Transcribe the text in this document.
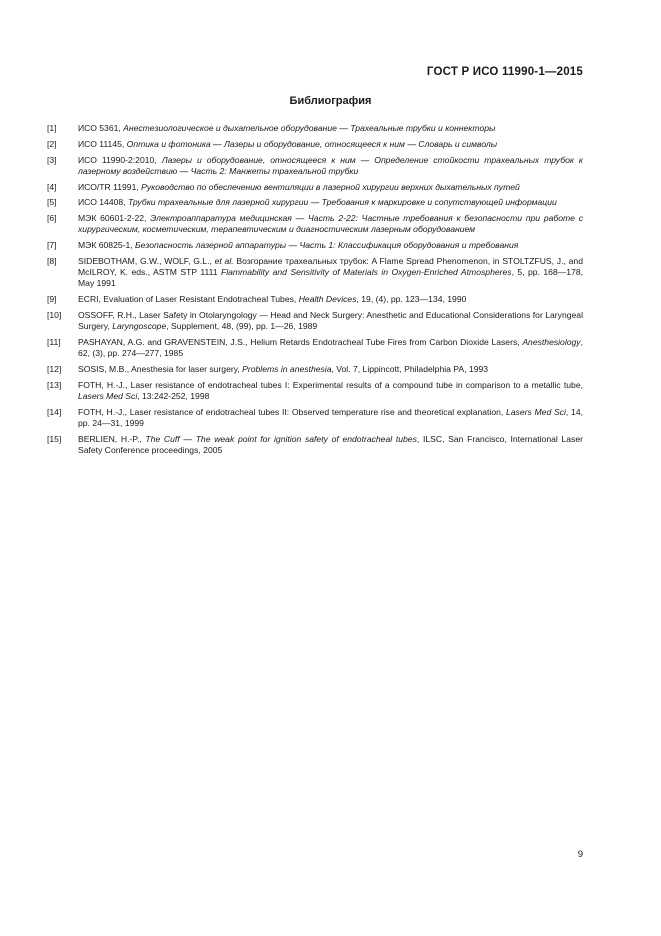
ГОСТ Р ИСО 11990-1—2015
Библиография
[1]	ИСО 5361, Анестезиологическое и дыхательное оборудование — Трахеальные трубки и коннекторы
[2]	ИСО 11145, Оптика и фотоника — Лазеры и оборудование, относящееся к ним — Словарь и символы
[3]	ИСО 11990-2:2010, Лазеры и оборудование, относящееся к ним — Определение стойкости трахеальных трубок к лазерному воздействию — Часть 2: Манжеты трахеальной трубки
[4]	ИСО/TR 11991, Руководство по обеспечению вентиляции в лазерной хирургии верхних дыхательных путей
[5]	ИСО 14408, Трубки трахеальные для лазерной хирургии — Требования к маркировке и сопутствующей информации
[6]	МЭК 60601-2-22, Электроаппаратура медицинская — Часть 2-22: Частные требования к безопасности при работе с хирургическим, косметическим, терапевтическим и диагностическим лазерным оборудованием
[7]	МЭК 60825-1, Безопасность лазерной аппаратуры — Часть 1: Классификация оборудования и требования
[8]	SIDEBOTHAM, G.W., WOLF, G.L., et al. Возгорание трахеальных трубок: A Flame Spread Phenomenon, in STOLTZFUS, J., and McILROY, K. eds., ASTM STP 1111 Flammability and Sensitivity of Materials in Oxygen-Enriched Atmospheres, 5, pp. 168—178, May 1991
[9]	ECRI, Evaluation of Laser Resistant Endotracheal Tubes, Health Devices, 19, (4), pp. 123—134, 1990
[10]	OSSOFF, R.H., Laser Safety in Otolaryngology — Head and Neck Surgery: Anesthetic and Educational Considerations for Laryngeal Surgery, Laryngoscope, Supplement, 48, (99), pp. 1—26, 1989
[11]	PASHAYAN, A.G. and GRAVENSTEIN, J.S., Helium Retards Endotracheal Tube Fires from Carbon Dioxide Lasers, Anesthesiology, 62, (3), pp. 274—277, 1985
[12]	SOSIS, M.B., Anesthesia for laser surgery, Problems in anesthesia, Vol. 7, Lippincott, Philadelphia PA, 1993
[13]	FOTH, H.-J., Laser resistance of endotracheal tubes I: Experimental results of a compound tube in comparison to a metallic tube, Lasers Med Sci, 13:242-252, 1998
[14]	FOTH, H.-J., Laser resistance of endotracheal tubes II: Observed temperature rise and theoretical explanation, Lasers Med Sci, 14, pp. 24—31, 1999
[15]	BERLIEN, H.-P., The Cuff — The weak point for ignition safety of endotracheal tubes, ILSC, San Francisco, International Laser Safety Conference proceedings, 2005
9
